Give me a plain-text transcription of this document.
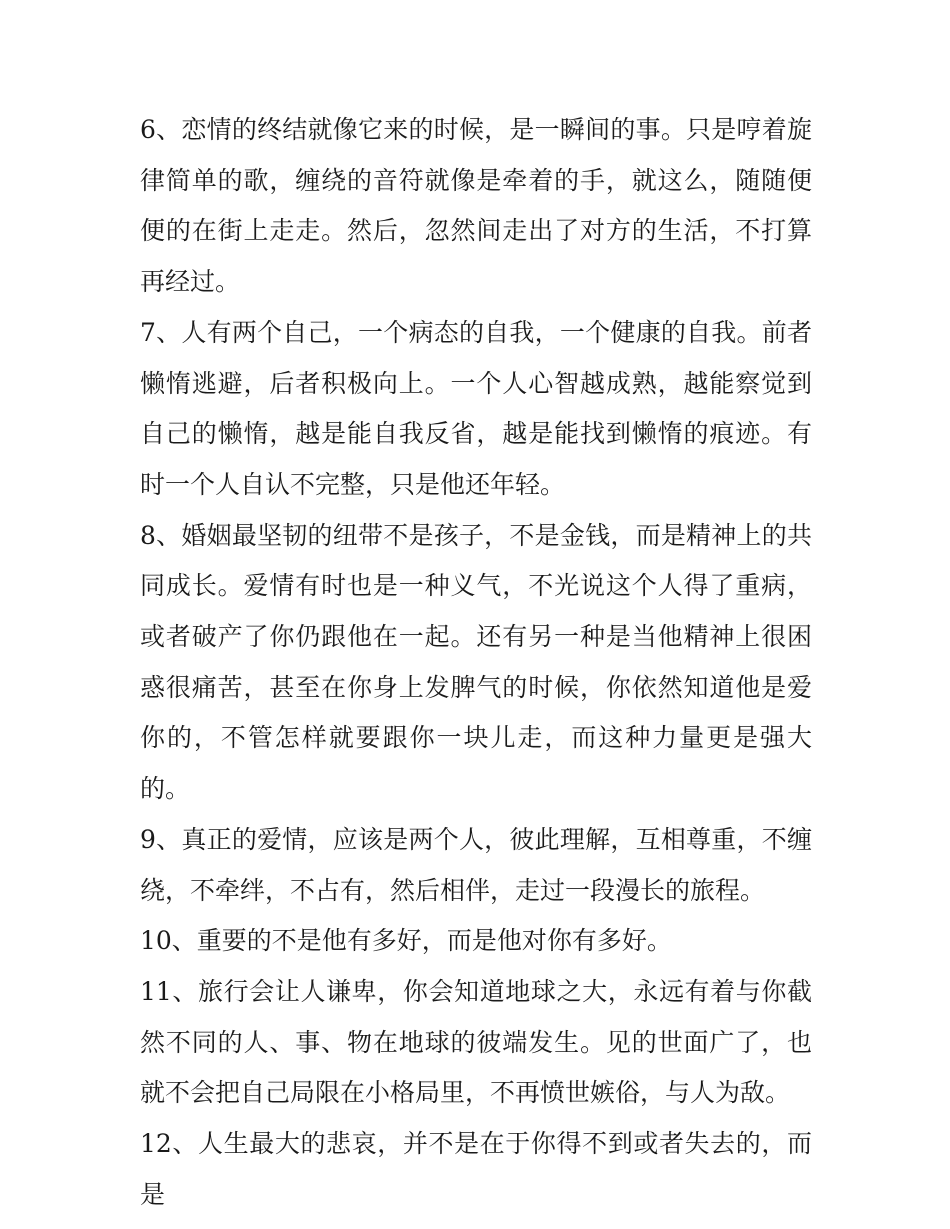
6、恋情的终结就像它来的时候，是一瞬间的事。只是哼着旋律简单的歌，缠绕的音符就像是牵着的手，就这么，随随便便的在街上走走。然后，忽然间走出了对方的生活，不打算再经过。

7、人有两个自己，一个病态的自我，一个健康的自我。前者懒惰逃避，后者积极向上。一个人心智越成熟，越能察觉到自己的懒惰，越是能自我反省，越是能找到懒惰的痕迹。有时一个人自认不完整，只是他还年轻。

8、婚姻最坚韧的纽带不是孩子，不是金钱，而是精神上的共同成长。爱情有时也是一种义气，不光说这个人得了重病，或者破产了你仍跟他在一起。还有另一种是当他精神上很困惑很痛苦，甚至在你身上发脾气的时候，你依然知道他是爱你的，不管怎样就要跟你一块儿走，而这种力量更是强大的。

9、真正的爱情，应该是两个人，彼此理解，互相尊重，不缠绕，不牵绊，不占有，然后相伴，走过一段漫长的旅程。

10、重要的不是他有多好，而是他对你有多好。

11、旅行会让人谦卑，你会知道地球之大，永远有着与你截然不同的人、事、物在地球的彼端发生。见的世面广了，也就不会把自己局限在小格局里，不再愤世嫉俗，与人为敌。

12、人生最大的悲哀，并不是在于你得不到或者失去的，而是
